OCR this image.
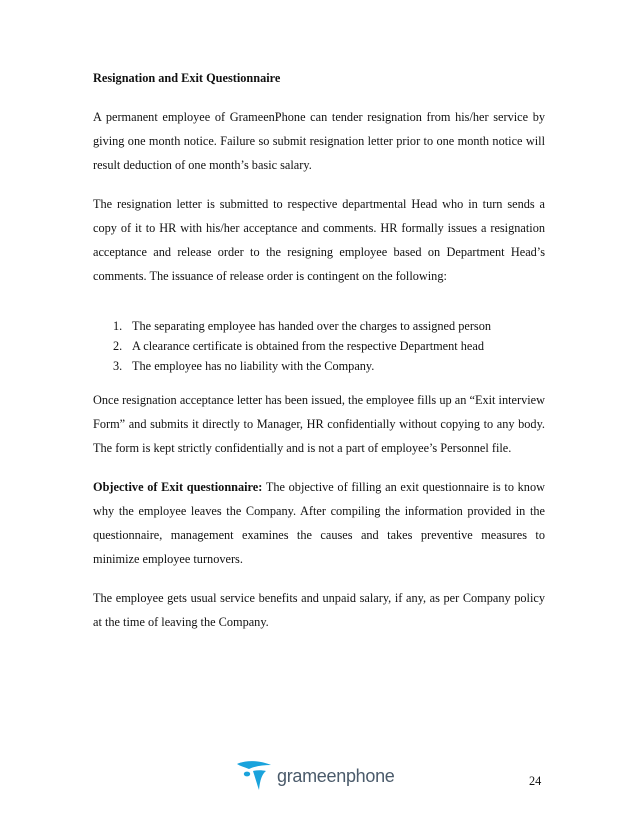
Resignation and Exit Questionnaire

A permanent employee of GrameenPhone can tender resignation from his/her service by giving one month notice. Failure so submit resignation letter prior to one month notice will result deduction of one month’s basic salary.

The resignation letter is submitted to respective departmental Head who in turn sends a copy of it to HR with his/her acceptance and comments. HR formally issues a resignation acceptance and release order to the resigning employee based on Department Head’s comments. The issuance of release order is contingent on the following:

1. The separating employee has handed over the charges to assigned person
2. A clearance certificate is obtained from the respective Department head
3. The employee has no liability with the Company.

Once resignation acceptance letter has been issued, the employee fills up an “Exit interview Form” and submits it directly to Manager, HR confidentially without copying to any body. The form is kept strictly confidentially and is not a part of employee’s Personnel file.

Objective of Exit questionnaire: The objective of filling an exit questionnaire is to know why the employee leaves the Company. After compiling the information provided in the questionnaire, management examines the causes and takes preventive measures to minimize employee turnovers.

The employee gets usual service benefits and unpaid salary, if any, as per Company policy at the time of leaving the Company.

grameenphone	24
